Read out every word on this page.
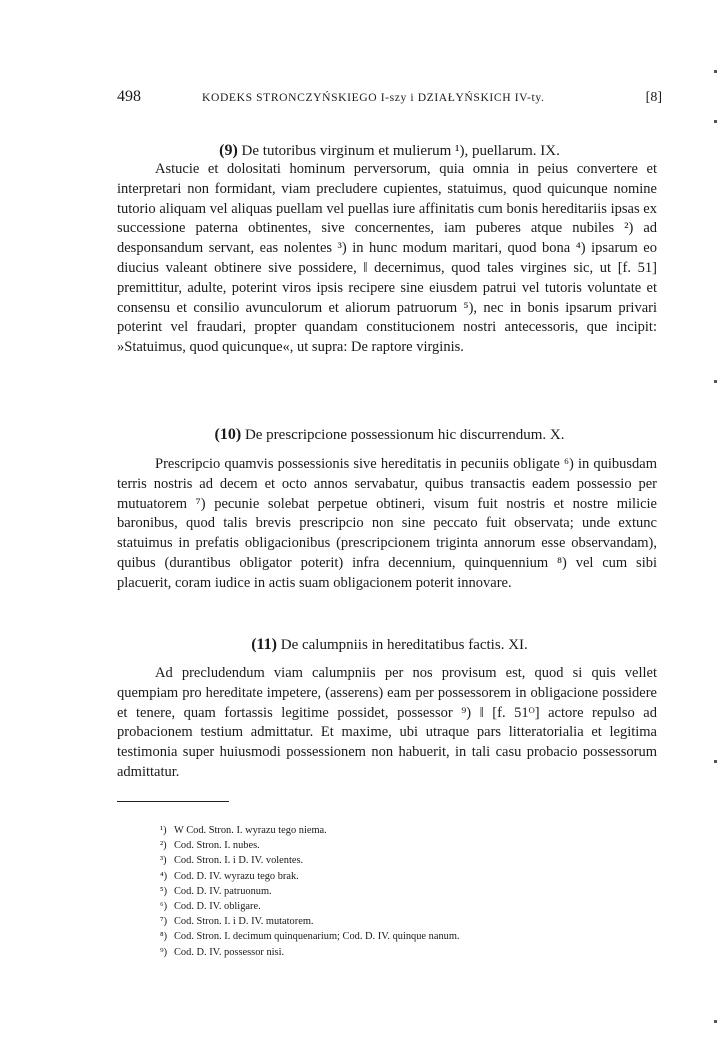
498	KODEKS STRONCZYŃSKIEGO I-szy i DZIAŁYŃSKICH IV-ty.	[8]
(9) De tutoribus virginum et mulierum ¹), puellarum. IX.

Astucie et dolositati hominum perversorum, quia omnia in peius convertere et interpretari non formidant, viam precludere cupientes, statuimus, quod quicunque nomine tutorio aliquam vel aliquas puellam vel puellas iure affinitatis cum bonis hereditariis ipsas ex successione paterna obtinentes, sive concernentes, iam puberes atque nubiles ²) ad desponsandum servant, eas nolentes ³) in hunc modum maritari, quod bona ⁴) ipsarum eo diucius valeant obtinere sive possidere, ‖ decernimus, quod tales virgines sic, ut [f. 51] premittitur, adulte, poterint viros ipsis recipere sine eiusdem patrui vel tutoris voluntate et consensu et consilio avunculorum et aliorum patruorum ⁵), nec in bonis ipsarum privari poterint vel fraudari, propter quandam constitucionem nostri antecessoris, que incipit: »Statuimus, quod quicunque«, ut supra: De raptore virginis.

(10) De prescripcione possessionum hic discurrendum. X.

Prescripcio quamvis possessionis sive hereditatis in pecuniis obligate ⁶) in quibusdam terris nostris ad decem et octo annos servabatur, quibus transactis eadem possessio per mutuatorem ⁷) pecunie solebat perpetue obtineri, visum fuit nostris et nostre milicie baronibus, quod talis brevis prescripcio non sine peccato fuit observata; unde extunc statuimus in prefatis obligacionibus (prescripcionem triginta annorum esse observandam), quibus (durantibus obligator poterit) infra decennium, quinquennium ⁸) vel cum sibi placuerit, coram iudice in actis suam obligacionem poterit innovare.

(11) De calumpniis in hereditatibus factis. XI.

Ad precludendum viam calumpniis per nos provisum est, quod si quis vellet quempiam pro hereditate impetere, (asserens) eam per possessorem in obligacione possidere et tenere, quam fortassis legitime possidet, possessor ⁹) ‖ [f. 51ᴼ] actore repulso ad probacionem testium admittatur. Et maxime, ubi utraque pars litteratorialia et legitima testimonia super huiusmodi possessionem non habuerit, in tali casu probacio possessorum admittatur.

¹) W Cod. Stron. I. wyrazu tego niema.
²) Cod. Stron. I. nubes.
³) Cod. Stron. I. i D. IV. volentes.
⁴) Cod. D. IV. wyrazu tego brak.
⁵) Cod. D. IV. patruonum.
⁶) Cod. D. IV. obligare.
⁷) Cod. Stron. I. i D. IV. mutatorem.
⁸) Cod. Stron. I. decimum quinquenarium; Cod. D. IV. quinque nanum.
⁹) Cod. D. IV. possessor nisi.
